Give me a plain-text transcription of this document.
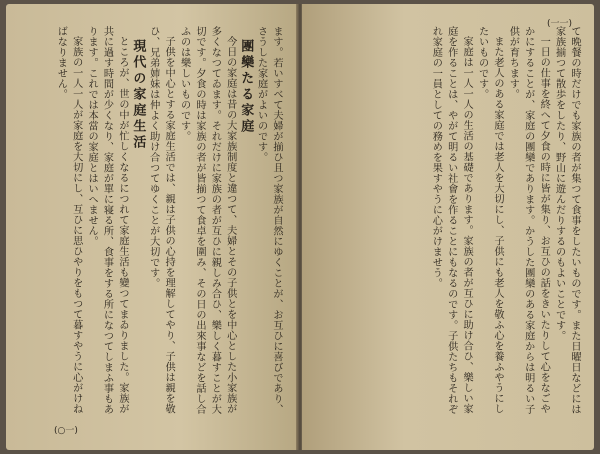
ます。若いすべて夫婦が揃ひ且つ家族が自然にゆくことが、お互ひに喜びであり、さうした家庭がよいのです。

團欒たる家庭

今日の家庭は昔の大家族制度と違つて、夫婦とその子供とを中心とした小家族が多くなつてゐます。それだけに家族の者が互ひに親しみ合ひ、樂しく暮すことが大切です。夕食の時は家族の者が皆揃つて食卓を圍み、その日の出來事などを話し合ふのは樂しいものです。

子供を中心とする家庭生活では、親は子供の心持を理解してやり、子供は親を敬ひ、兄弟姉妹は仲よく助け合つてゆくことが大切です。

現代の家庭生活

ところが、世の中が忙しくなるにつれて家庭生活も變つてまゐりました。家族が共に過す時間が少くなり、家庭が單に寝る所、食事をする所になつてしまふ事もあります。これでは本當の家庭とはいへません。

家族の一人一人が家庭を大切にし、互ひに思ひやりをもつて暮すやうに心がけねばなりません。

(○一)

て晩餐の時だけでも家族の者が集つて食事をしたいものです。また日曜日などには家族揃つて散歩をしたり、野山に遊んだりするのもよいことです。

一日の仕事を終へて夕食の時に皆が集り、お互ひの話をきいたりして心をなごやかにすることが、家庭の團欒であります。かうした團欒のある家庭からは明るい子供が育ちます。

また老人のある家庭では老人を大切にし、子供にも老人を敬ふ心を養ふやうにしたいものです。

家庭は一人一人の生活の基礎であります。家族の者が互ひに助け合ひ、樂しい家庭を作ることは、やがて明るい社會を作ることにもなるのです。子供たちもそれぞれ家庭の一員としての務めを果すやうに心がけませう。

(一一)
